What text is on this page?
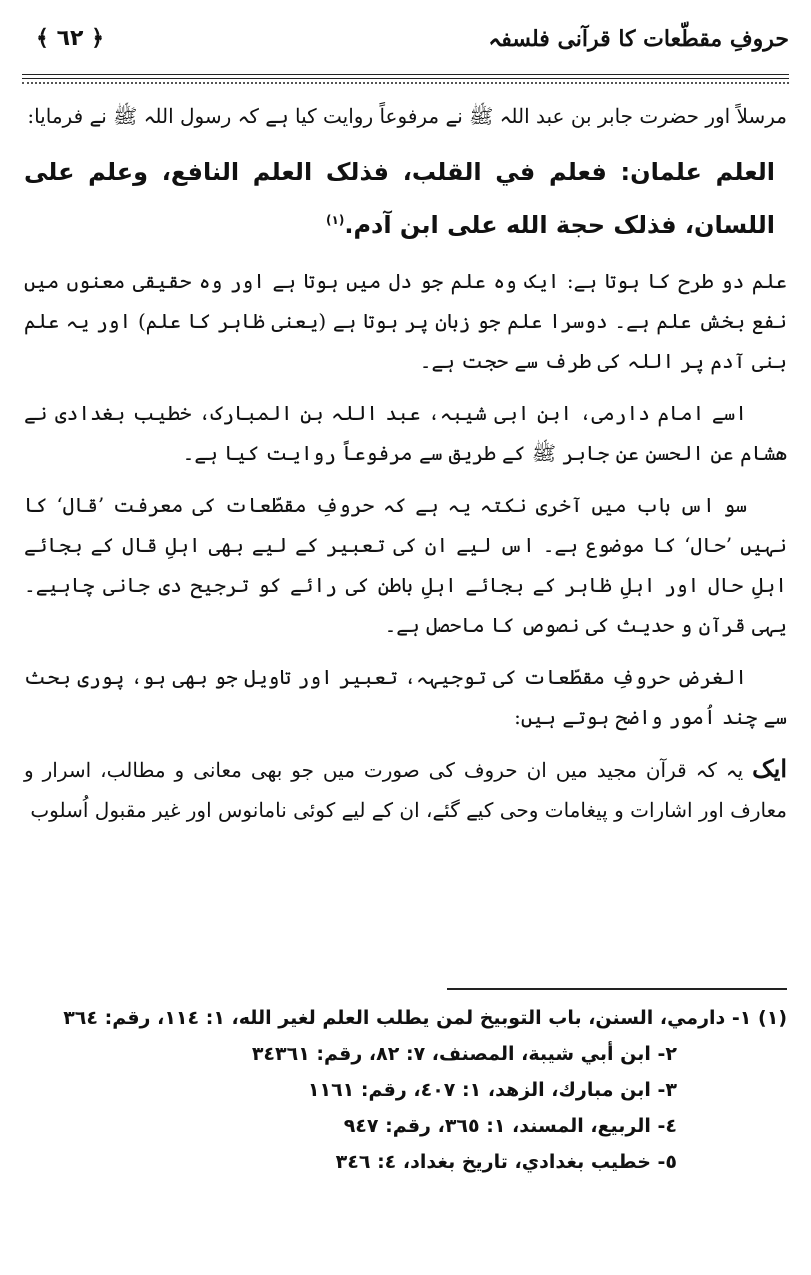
حروفِ مقطّعات کا قرآنی فلسفہ
﴾ ٦٢ ﴿

مرسلاً اور حضرت جابر بن عبد اللہ ﷺ نے مرفوعاً روایت کیا ہے کہ رسول اللہ ﷺ نے فرمایا:

العلم علمان: فعلم في القلب، فذلک العلم النافع، وعلم علی اللسان، فذلک حجة الله علی ابن آدم.$^{(١)}$

علم دو طرح کا ہوتا ہے: ایک وہ علم جو دل میں ہوتا ہے اور وہ حقیقی معنوں میں نفع بخش علم ہے۔ دوسرا علم جو زبان پر ہوتا ہے (یعنی ظاہر کا علم) اور یہ علم بنی آدم پر اللہ کی طرف سے حجت ہے۔

اسے امام دارمی، ابن ابی شیبہ، عبد اللہ بن المبارک، خطیب بغدادی نے هشام عن الحسن عن جابر ﷺ کے طریق سے مرفوعاً روایت کیا ہے۔

سو اس باب میں آخری نکتہ یہ ہے کہ حروفِ مقطّعات کی معرفت ’قال‘ کا نہیں ’حال‘ کا موضوع ہے۔ اس لیے ان کی تعبیر کے لیے بھی اہلِ قال کے بجائے اہلِ حال اور اہلِ ظاہر کے بجائے اہلِ باطن کی رائے کو ترجیح دی جانی چاہیے۔ یہی قرآن و حدیث کی نصوص کا ماحصل ہے۔

الغرض حروفِ مقطّعات کی توجیہہ، تعبیر اور تاویل جو بھی ہو، پوری بحث سے چند اُمور واضح ہوتے ہیں:

ایک یہ کہ قرآن مجید میں ان حروف کی صورت میں جو بھی معانی و مطالب، اسرار و معارف اور اشارات و پیغامات وحی کیے گئے، ان کے لیے کوئی نامانوس اور غیر مقبول اُسلوب

(١) ١- دارمي، السنن، باب التوبيخ لمن يطلب العلم لغير الله، ١: ١١٤، رقم: ٣٦٤

٢- ابن أبي شيبة، المصنف، ٧: ٨٢، رقم: ٣٤٣٦١

٣- ابن مبارك، الزهد، ١: ٤٠٧، رقم: ١١٦١

٤- الربيع، المسند، ١: ٣٦٥، رقم: ٩٤٧

٥- خطيب بغدادي، تاريخ بغداد، ٤: ٣٤٦
